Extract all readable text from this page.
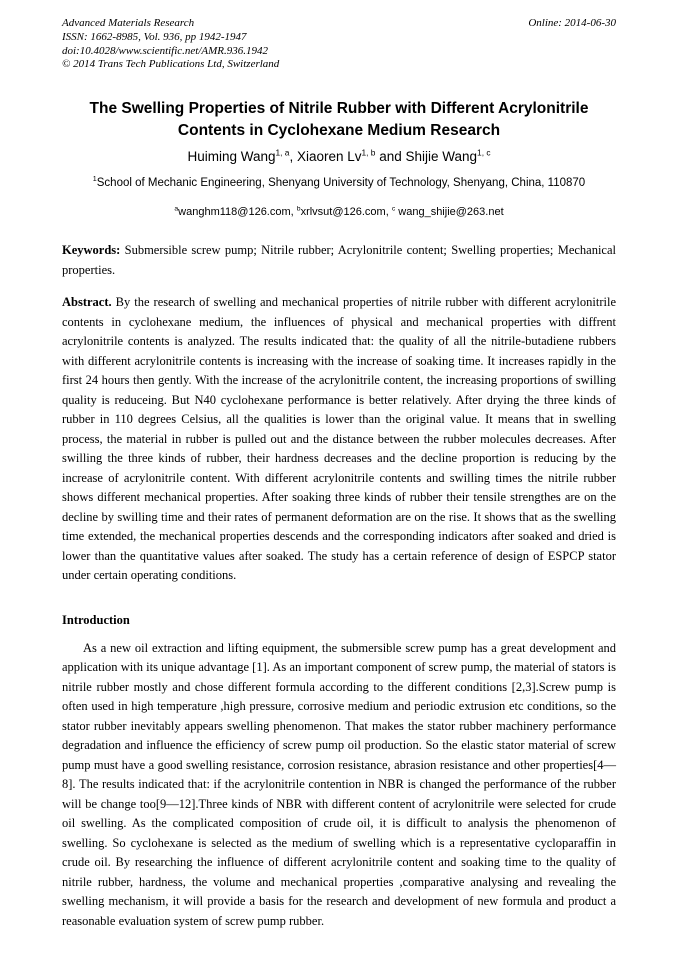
Advanced Materials Research
ISSN: 1662-8985, Vol. 936, pp 1942-1947
doi:10.4028/www.scientific.net/AMR.936.1942
© 2014 Trans Tech Publications Ltd, Switzerland
Online: 2014-06-30
The Swelling Properties of Nitrile Rubber with Different Acrylonitrile Contents in Cyclohexane Medium Research
Huiming Wang$^{1, a}$, Xiaoren Lv$^{1, b}$ and Shijie Wang$^{1, c}$
$^1$School of Mechanic Engineering, Shenyang University of Technology, Shenyang, China, 110870
$^a$wanghm118@126.com, $^b$xrlvsut@126.com, $^c$ wang_shijie@263.net

Keywords: Submersible screw pump; Nitrile rubber; Acrylonitrile content; Swelling properties; Mechanical properties.

Abstract. By the research of swelling and mechanical properties of nitrile rubber with different acrylonitrile contents in cyclohexane medium, the influences of physical and mechanical properties with diffrent acrylonitrile contents is analyzed. The results indicated that: the quality of all the nitrile-butadiene rubbers with different acrylonitrile contents is increasing with the increase of soaking time. It increases rapidly in the first 24 hours then gently. With the increase of the acrylonitrile content, the increasing proportions of swilling quality is reduceing. But N40 cyclohexane performance is better relatively. After drying the three kinds of rubber in 110 degrees Celsius, all the qualities is lower than the original value. It means that in swelling process, the material in rubber is pulled out and the distance between the rubber molecules decreases. After swilling the three kinds of rubber, their hardness decreases and the decline proportion is reducing by the increase of acrylonitrile content. With different acrylonitrile contents and swilling times the nitrile rubber shows different mechanical properties. After soaking three kinds of rubber their tensile strengthes are on the decline by swilling time and their rates of permanent deformation are on the rise. It shows that as the swelling time extended, the mechanical properties descends and the corresponding indicators after soaked and dried is lower than the quantitative values after soaked. The study has a certain reference of design of ESPCP stator under certain operating conditions.

Introduction

As a new oil extraction and lifting equipment, the submersible screw pump has a great development and application with its unique advantage [1]. As an important component of screw pump, the material of stators is nitrile rubber mostly and chose different formula according to the different conditions [2,3].Screw pump is often used in high temperature ,high pressure, corrosive medium and periodic extrusion etc conditions, so the stator rubber inevitably appears swelling phenomenon. That makes the stator rubber machinery performance degradation and influence the efficiency of screw pump oil production. So the elastic stator material of screw pump must have a good swelling resistance, corrosion resistance, abrasion resistance and other properties[4—8]. The results indicated that: if the acrylonitrile contention in NBR is changed the performance of the rubber will be change too[9—12].Three kinds of NBR with different content of acrylonitrile were selected for crude oil swelling. As the complicated composition of crude oil, it is difficult to analysis the phenomenon of swelling. So cyclohexane is selected as the medium of swelling which is a representative cycloparaffin in crude oil. By researching the influence of different acrylonitrile content and soaking time to the quality of nitrile rubber, hardness, the volume and mechanical properties ,comparative analysing and revealing the swelling mechanism, it will provide a basis for the research and development of new formula and product a reasonable evaluation system of screw pump rubber.
